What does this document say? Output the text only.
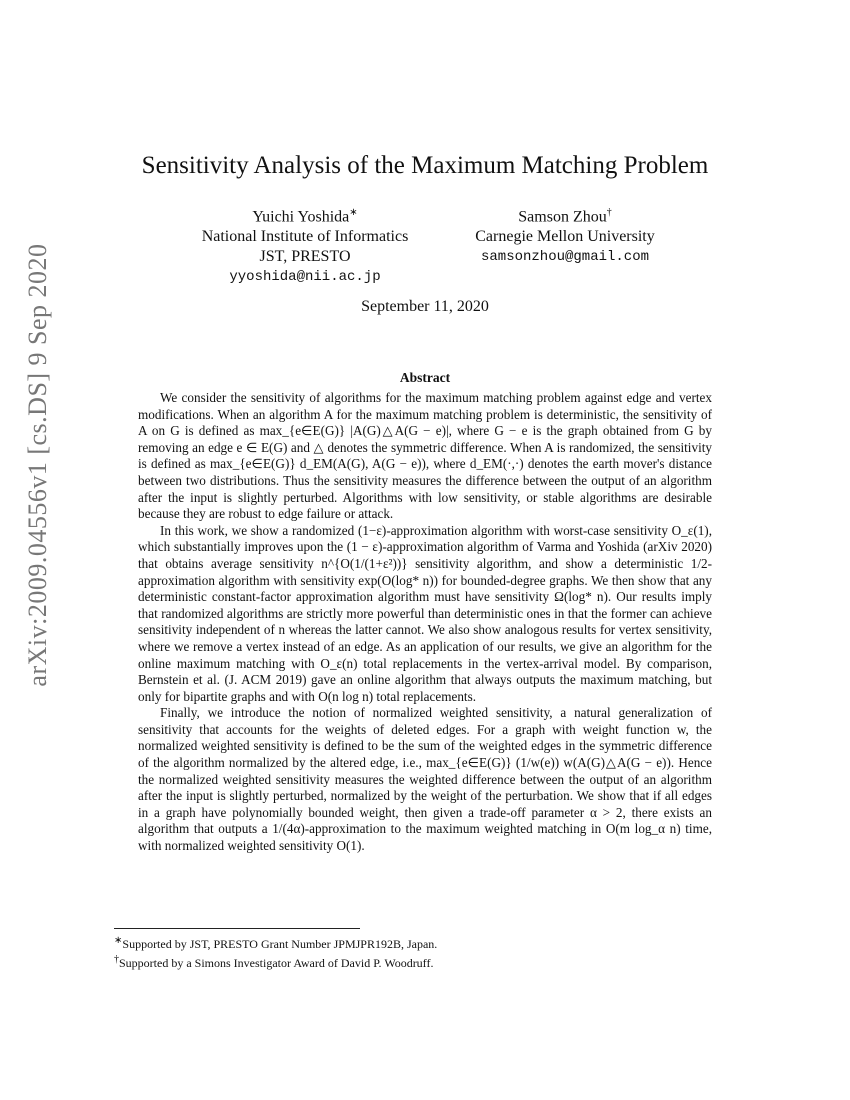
arXiv:2009.04556v1 [cs.DS] 9 Sep 2020
Sensitivity Analysis of the Maximum Matching Problem
Yuichi Yoshida∗
National Institute of Informatics
JST, PRESTO
yyoshida@nii.ac.jp
Samson Zhou†
Carnegie Mellon University
samsonzhou@gmail.com
September 11, 2020
Abstract

We consider the sensitivity of algorithms for the maximum matching problem against edge and vertex modifications. When an algorithm A for the maximum matching problem is deterministic, the sensitivity of A on G is defined as max_{e∈E(G)} |A(G)△A(G − e)|, where G − e is the graph obtained from G by removing an edge e ∈ E(G) and △ denotes the symmetric difference. When A is randomized, the sensitivity is defined as max_{e∈E(G)} d_EM(A(G), A(G − e)), where d_EM(·,·) denotes the earth mover's distance between two distributions. Thus the sensitivity measures the difference between the output of an algorithm after the input is slightly perturbed. Algorithms with low sensitivity, or stable algorithms are desirable because they are robust to edge failure or attack.

In this work, we show a randomized (1−ε)-approximation algorithm with worst-case sensitivity O_ε(1), which substantially improves upon the (1 − ε)-approximation algorithm of Varma and Yoshida (arXiv 2020) that obtains average sensitivity n^{O(1/(1+ε²))} sensitivity algorithm, and show a deterministic 1/2-approximation algorithm with sensitivity exp(O(log* n)) for bounded-degree graphs. We then show that any deterministic constant-factor approximation algorithm must have sensitivity Ω(log* n). Our results imply that randomized algorithms are strictly more powerful than deterministic ones in that the former can achieve sensitivity independent of n whereas the latter cannot. We also show analogous results for vertex sensitivity, where we remove a vertex instead of an edge. As an application of our results, we give an algorithm for the online maximum matching with O_ε(n) total replacements in the vertex-arrival model. By comparison, Bernstein et al. (J. ACM 2019) gave an online algorithm that always outputs the maximum matching, but only for bipartite graphs and with O(n log n) total replacements.

Finally, we introduce the notion of normalized weighted sensitivity, a natural generalization of sensitivity that accounts for the weights of deleted edges. For a graph with weight function w, the normalized weighted sensitivity is defined to be the sum of the weighted edges in the symmetric difference of the algorithm normalized by the altered edge, i.e., max_{e∈E(G)} (1/w(e)) w(A(G)△A(G − e)). Hence the normalized weighted sensitivity measures the weighted difference between the output of an algorithm after the input is slightly perturbed, normalized by the weight of the perturbation. We show that if all edges in a graph have polynomially bounded weight, then given a trade-off parameter α > 2, there exists an algorithm that outputs a 1/(4α)-approximation to the maximum weighted matching in O(m log_α n) time, with normalized weighted sensitivity O(1).

∗Supported by JST, PRESTO Grant Number JPMJPR192B, Japan.
†Supported by a Simons Investigator Award of David P. Woodruff.
